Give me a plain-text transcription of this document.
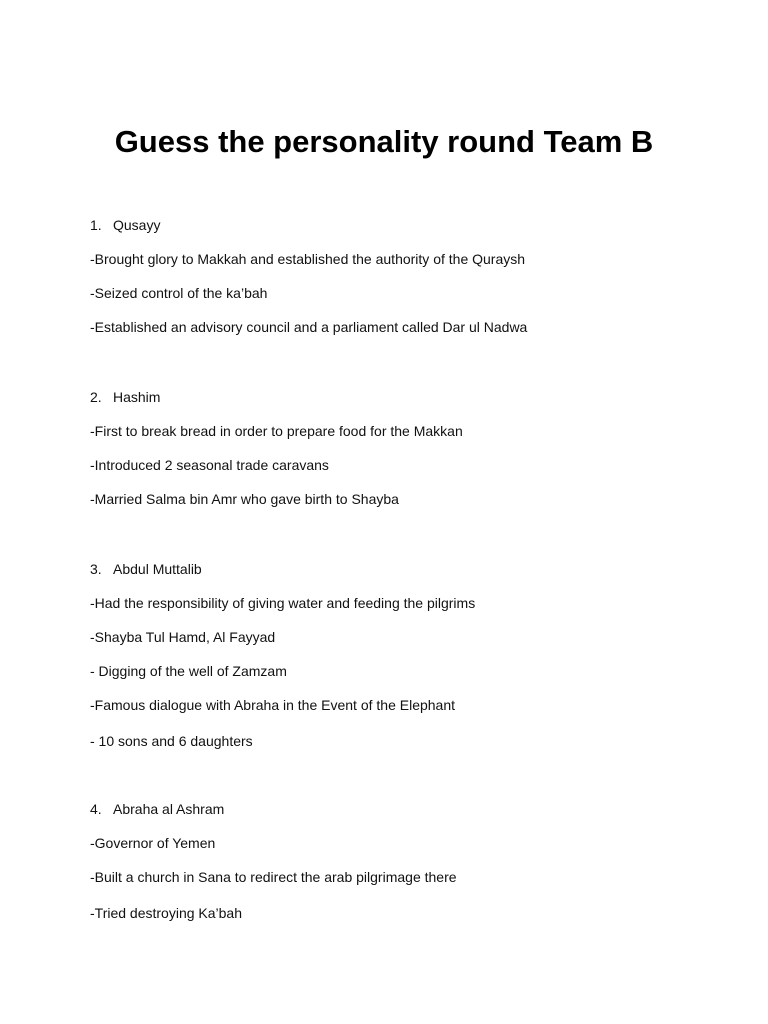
Guess the personality round Team B
1. Qusayy
-Brought glory to Makkah and established the authority of the Quraysh
-Seized control of the ka’bah
-Established an advisory council and a parliament called Dar ul Nadwa
2. Hashim
-First to break bread in order to prepare food for the Makkan
-Introduced 2 seasonal trade caravans
-Married Salma bin Amr who gave birth to Shayba
3. Abdul Muttalib
-Had the responsibility of giving water and feeding the pilgrims
-Shayba Tul Hamd, Al Fayyad
- Digging of the well of Zamzam
-Famous dialogue with Abraha in the Event of the Elephant
- 10 sons and 6 daughters
4. Abraha al Ashram
-Governor of Yemen
-Built a church in Sana to redirect the arab pilgrimage there
-Tried destroying Ka’bah
